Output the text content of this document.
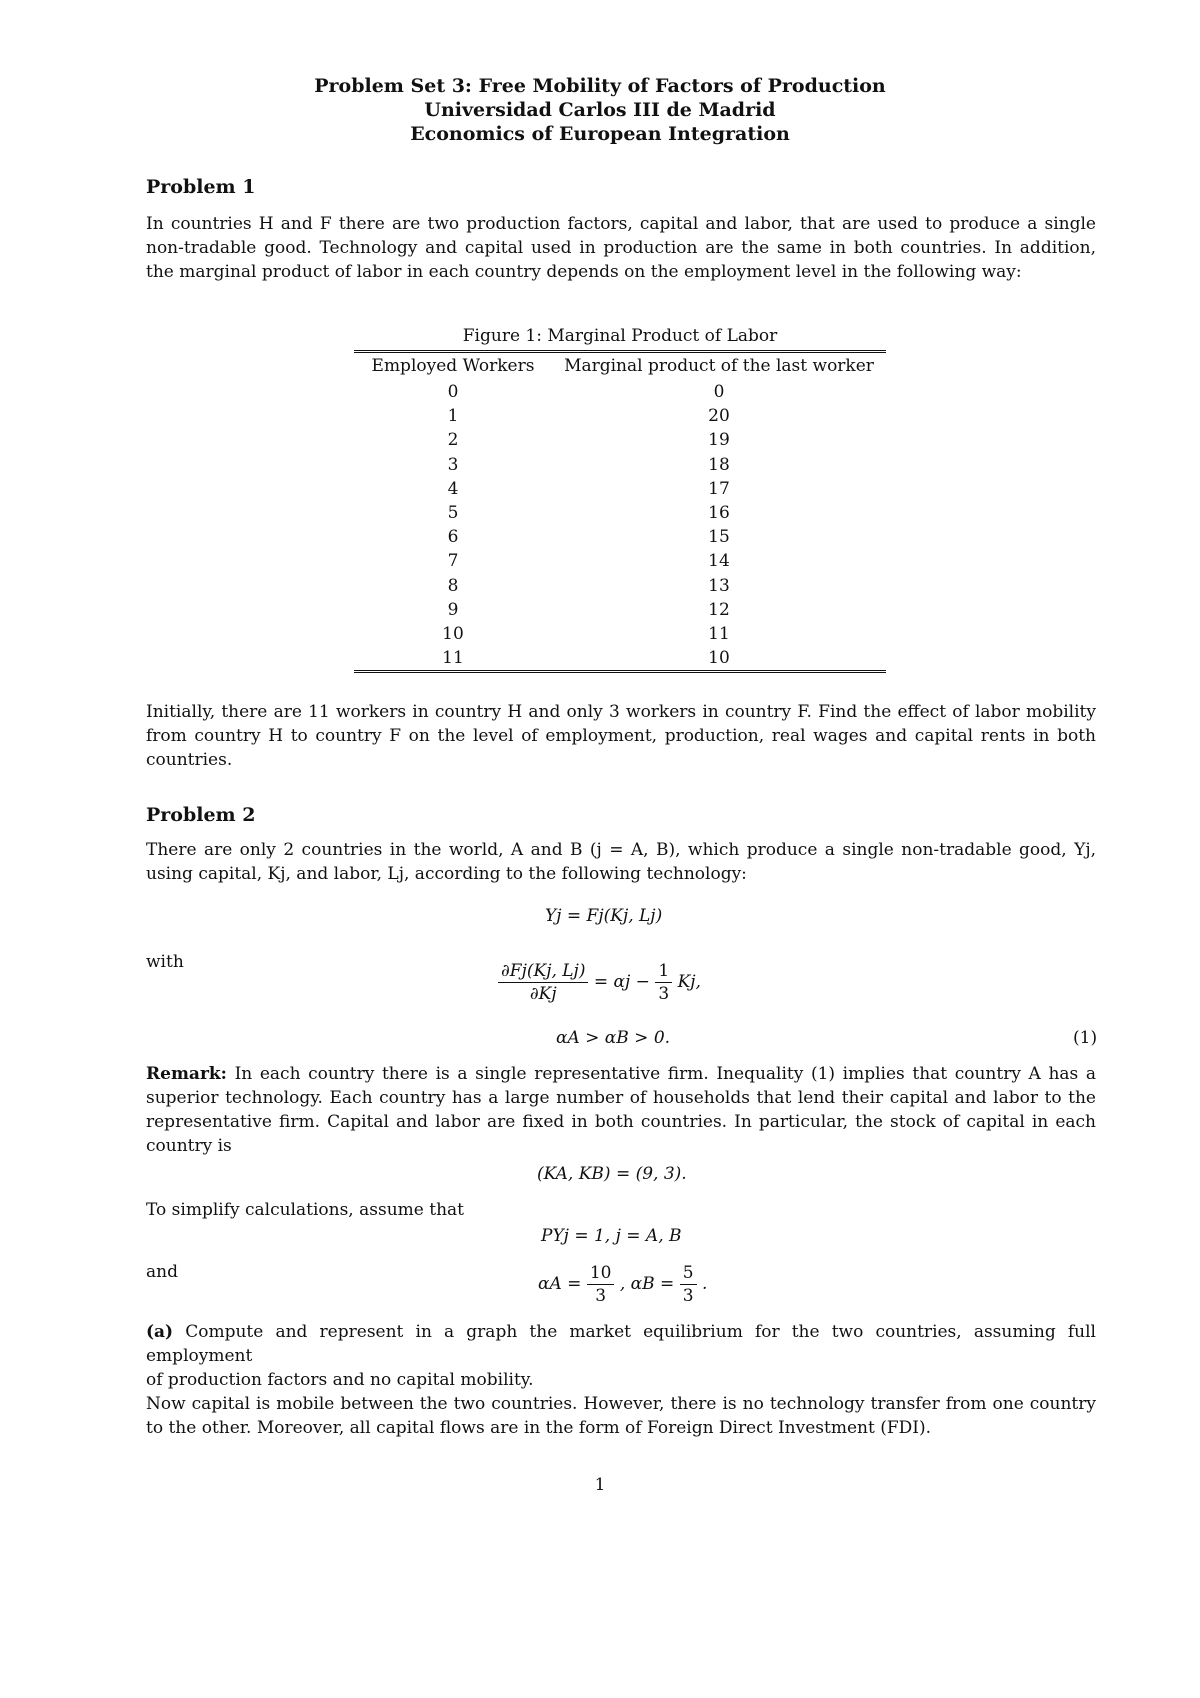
Problem Set 3: Free Mobility of Factors of Production
Universidad Carlos III de Madrid
Economics of European Integration
Problem 1
In countries H and F there are two production factors, capital and labor, that are used to produce a single
non-tradable good. Technology and capital used in production are the same in both countries. In addition,
the marginal product of labor in each country depends on the employment level in the following way:
Figure 1: Marginal Product of Labor

Employed Workers	Marginal product of the last worker
0	0
1	20
2	19
3	18
4	17
5	16
6	15
7	14
8	13
9	12
10	11
11	10

Initially, there are 11 workers in country H and only 3 workers in country F. Find the effect of labor mobility
from country H to country F on the level of employment, production, real wages and capital rents in both
countries.
Problem 2
There are only 2 countries in the world, A and B (j = A, B), which produce a single non-tradable good, Yj,
using capital, Kj, and labor, Lj, according to the following technology:
Yj = Fj(Kj, Lj)
with	$\frac{\partial Fj(Kj, Lj)}{\partial Kj} = \alpha j - \frac{1}{3} Kj$,
αA > αB > 0.	(1)
Remark: In each country there is a single representative firm. Inequality (1) implies that country A has a
superior technology. Each country has a large number of households that lend their capital and labor to the
representative firm. Capital and labor are fixed in both countries. In particular, the stock of capital in each
country is
(KA, KB) = (9, 3).
To simplify calculations, assume that
PYj = 1, j = A, B
and
$\alpha A = \frac{10}{3}$ , $\alpha B = \frac{5}{3}$ .
(a) Compute and represent in a graph the market equilibrium for the two countries, assuming full employment
of production factors and no capital mobility.
Now capital is mobile between the two countries. However, there is no technology transfer from one country
to the other. Moreover, all capital flows are in the form of Foreign Direct Investment (FDI).
1
